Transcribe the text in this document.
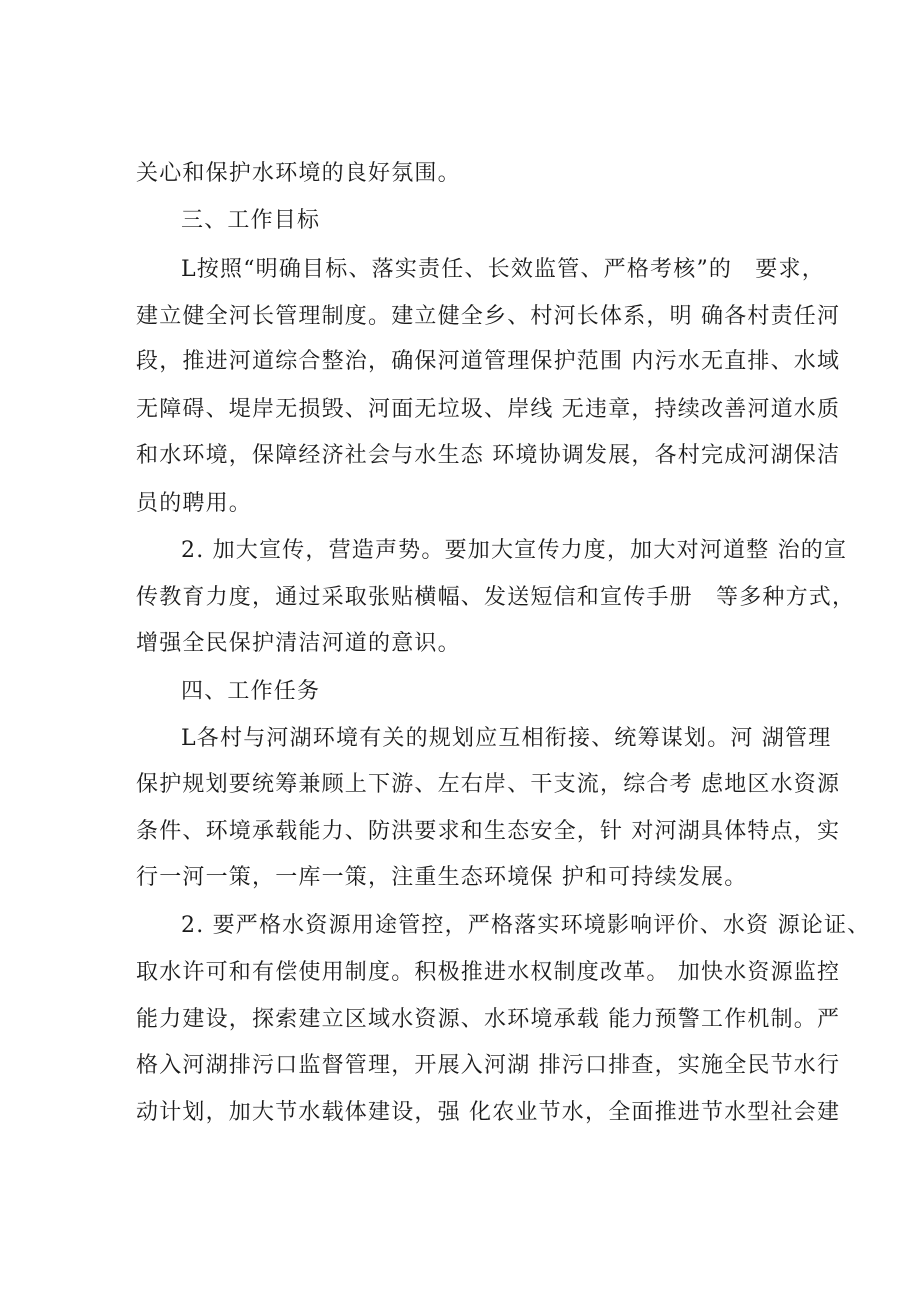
关心和保护水环境的良好氛围。
三、工作目标
L按照“明确目标、落实责任、长效监管、严格考核”的　要求，
建立健全河长管理制度。建立健全乡、村河长体系，明 确各村责任河
段，推进河道综合整治，确保河道管理保护范围 内污水无直排、水域
无障碍、堤岸无损毁、河面无垃圾、岸线 无违章，持续改善河道水质
和水环境，保障经济社会与水生态 环境协调发展，各村完成河湖保洁
员的聘用。
2. 加大宣传，营造声势。要加大宣传力度，加大对河道整 治的宣
传教育力度，通过采取张贴横幅、发送短信和宣传手册　等多种方式，
增强全民保护清洁河道的意识。
四、工作任务
L各村与河湖环境有关的规划应互相衔接、统筹谋划。河 湖管理
保护规划要统筹兼顾上下游、左右岸、干支流，综合考 虑地区水资源
条件、环境承载能力、防洪要求和生态安全，针 对河湖具体特点，实
行一河一策，一库一策，注重生态环境保 护和可持续发展。
2. 要严格水资源用途管控，严格落实环境影响评价、水资 源论证、
取水许可和有偿使用制度。积极推进水权制度改革。 加快水资源监控
能力建设，探索建立区域水资源、水环境承载 能力预警工作机制。严
格入河湖排污口监督管理，开展入河湖 排污口排查，实施全民节水行
动计划，加大节水载体建设，强 化农业节水，全面推进节水型社会建
